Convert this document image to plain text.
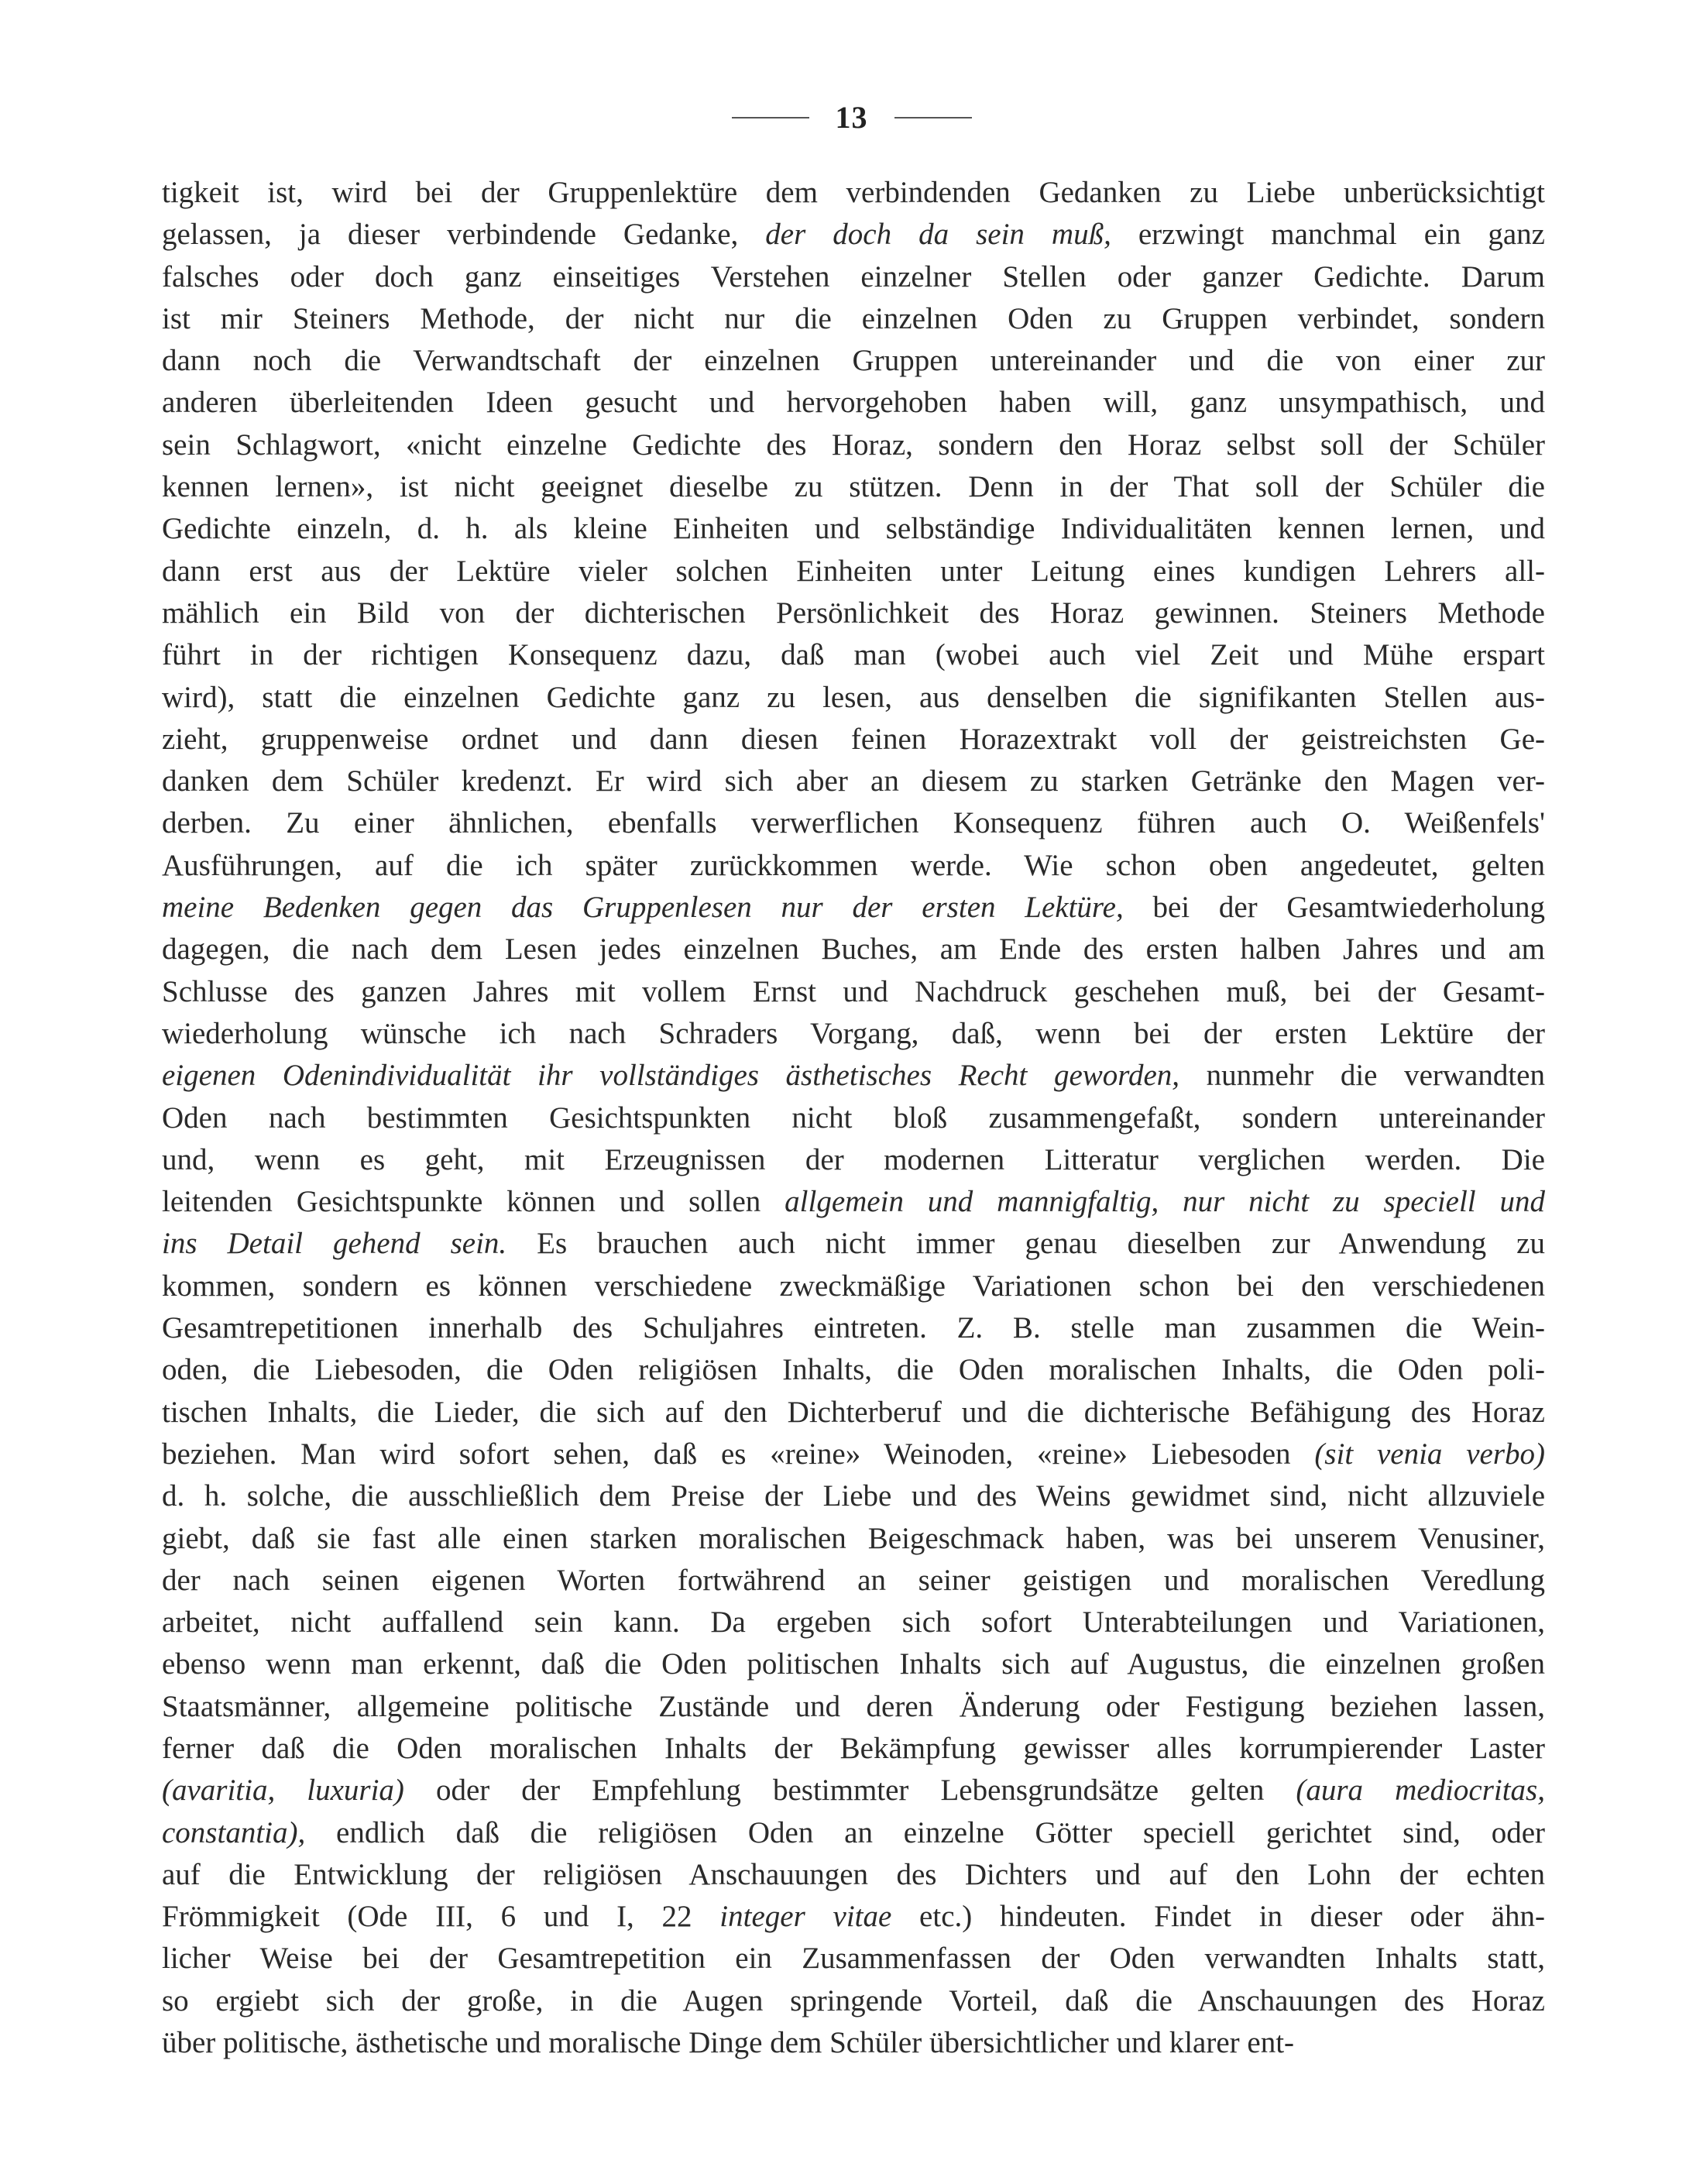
13
tigkeit ist, wird bei der Gruppenlektüre dem verbindenden Gedanken zu Liebe unberücksichtigt
gelassen, ja dieser verbindende Gedanke, der doch da sein muß, erzwingt manchmal ein ganz
falsches oder doch ganz einseitiges Verstehen einzelner Stellen oder ganzer Gedichte. Darum
ist mir Steiners Methode, der nicht nur die einzelnen Oden zu Gruppen verbindet, sondern
dann noch die Verwandtschaft der einzelnen Gruppen untereinander und die von einer zur
anderen überleitenden Ideen gesucht und hervorgehoben haben will, ganz unsympathisch, und
sein Schlagwort, «nicht einzelne Gedichte des Horaz, sondern den Horaz selbst soll der Schüler
kennen lernen», ist nicht geeignet dieselbe zu stützen. Denn in der That soll der Schüler die
Gedichte einzeln, d. h. als kleine Einheiten und selbständige Individualitäten kennen lernen, und
dann erst aus der Lektüre vieler solchen Einheiten unter Leitung eines kundigen Lehrers all-
mählich ein Bild von der dichterischen Persönlichkeit des Horaz gewinnen. Steiners Methode
führt in der richtigen Konsequenz dazu, daß man (wobei auch viel Zeit und Mühe erspart
wird), statt die einzelnen Gedichte ganz zu lesen, aus denselben die signifikanten Stellen aus-
zieht, gruppenweise ordnet und dann diesen feinen Horazextrakt voll der geistreichsten Ge-
danken dem Schüler kredenzt. Er wird sich aber an diesem zu starken Getränke den Magen ver-
derben. Zu einer ähnlichen, ebenfalls verwerflichen Konsequenz führen auch O. Weißenfels'
Ausführungen, auf die ich später zurückkommen werde. Wie schon oben angedeutet, gelten
meine Bedenken gegen das Gruppenlesen nur der ersten Lektüre, bei der Gesamtwiederholung
dagegen, die nach dem Lesen jedes einzelnen Buches, am Ende des ersten halben Jahres und am
Schlusse des ganzen Jahres mit vollem Ernst und Nachdruck geschehen muß, bei der Gesamt-
wiederholung wünsche ich nach Schraders Vorgang, daß, wenn bei der ersten Lektüre der
eigenen Odenindividualität ihr vollständiges ästhetisches Recht geworden, nunmehr die verwandten
Oden nach bestimmten Gesichtspunkten nicht bloß zusammengefaßt, sondern untereinander
und, wenn es geht, mit Erzeugnissen der modernen Litteratur verglichen werden. Die
leitenden Gesichtspunkte können und sollen allgemein und mannigfaltig, nur nicht zu speciell und
ins Detail gehend sein. Es brauchen auch nicht immer genau dieselben zur Anwendung zu
kommen, sondern es können verschiedene zweckmäßige Variationen schon bei den verschiedenen
Gesamtrepetitionen innerhalb des Schuljahres eintreten. Z. B. stelle man zusammen die Wein-
oden, die Liebesoden, die Oden religiösen Inhalts, die Oden moralischen Inhalts, die Oden poli-
tischen Inhalts, die Lieder, die sich auf den Dichterberuf und die dichterische Befähigung des Horaz
beziehen. Man wird sofort sehen, daß es «reine» Weinoden, «reine» Liebesoden (sit venia verbo)
d. h. solche, die ausschließlich dem Preise der Liebe und des Weins gewidmet sind, nicht allzuviele
giebt, daß sie fast alle einen starken moralischen Beigeschmack haben, was bei unserem Venusiner,
der nach seinen eigenen Worten fortwährend an seiner geistigen und moralischen Veredlung
arbeitet, nicht auffallend sein kann. Da ergeben sich sofort Unterabteilungen und Variationen,
ebenso wenn man erkennt, daß die Oden politischen Inhalts sich auf Augustus, die einzelnen großen
Staatsmänner, allgemeine politische Zustände und deren Änderung oder Festigung beziehen lassen,
ferner daß die Oden moralischen Inhalts der Bekämpfung gewisser alles korrumpierender Laster
(avaritia, luxuria) oder der Empfehlung bestimmter Lebensgrundsätze gelten (aura mediocritas,
constantia), endlich daß die religiösen Oden an einzelne Götter speciell gerichtet sind, oder
auf die Entwicklung der religiösen Anschauungen des Dichters und auf den Lohn der echten
Frömmigkeit (Ode III, 6 und I, 22 integer vitae etc.) hindeuten. Findet in dieser oder ähn-
licher Weise bei der Gesamtrepetition ein Zusammenfassen der Oden verwandten Inhalts statt,
so ergiebt sich der große, in die Augen springende Vorteil, daß die Anschauungen des Horaz
über politische, ästhetische und moralische Dinge dem Schüler übersichtlicher und klarer ent-
